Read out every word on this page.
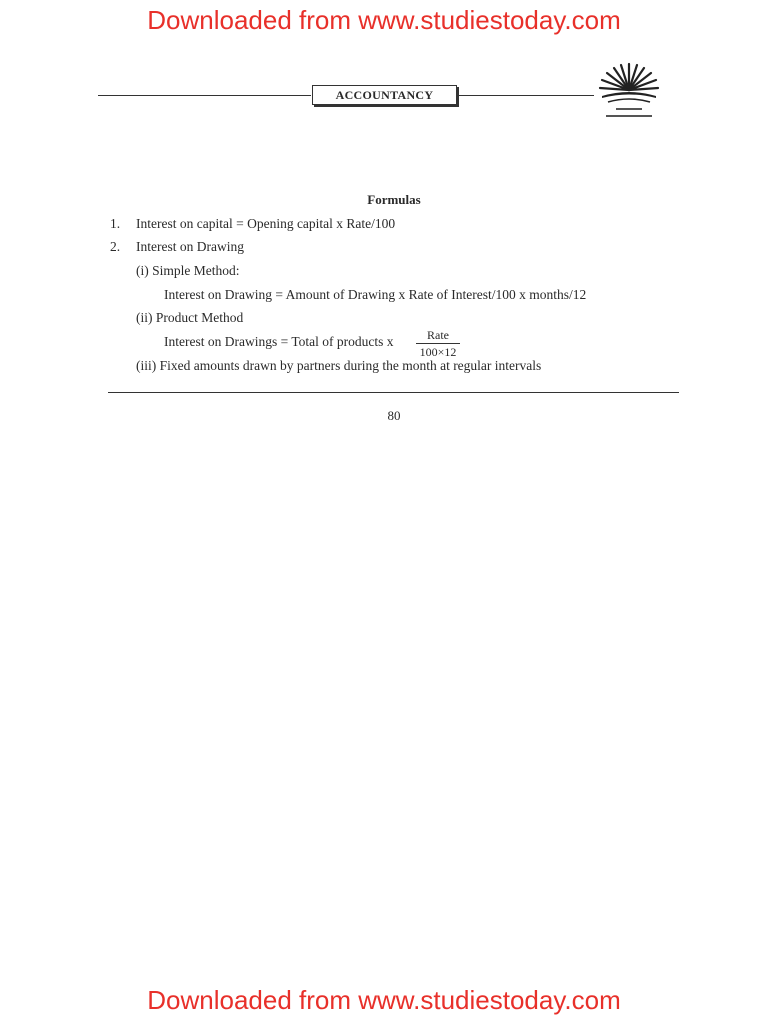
Downloaded from www.studiestoday.com
ACCOUNTANCY
Formulas
1. Interest on capital = Opening capital x Rate/100
2. Interest on Drawing
(i) Simple Method:
Interest on Drawing = Amount of Drawing x Rate of Interest/100 x months/12
(ii) Product Method
Interest on Drawings = Total of products x	Rate
100×12
(iii) Fixed amounts drawn by partners during the month at regular intervals
80
Downloaded from www.studiestoday.com
